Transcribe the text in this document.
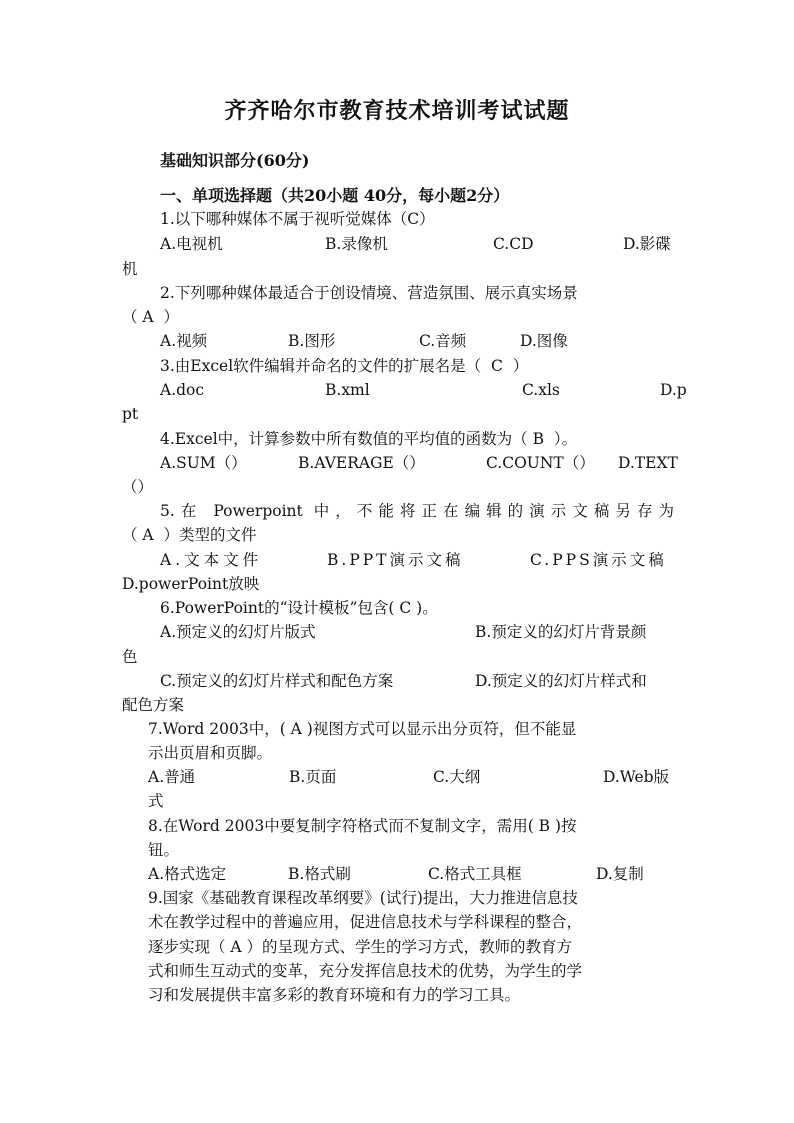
齐齐哈尔市教育技术培训考试试题
基础知识部分(60分)
一、单项选择题（共20小题 40分，每小题2分）
1.以下哪种媒体不属于视听觉媒体（C）
A.电视机	B.录像机	C.CD	D.影碟
机
2.下列哪种媒体最适合于创设情境、营造氛围、展示真实场景
（ A  ）
A.视频	B.图形	C.音频	D.图像
3.由Excel软件编辑并命名的文件的扩展名是（  C  ）
A.doc	B.xml	C.xls	D.p
pt
4.Excel中，计算参数中所有数值的平均值的函数为（ B  ）。
A.SUM（）	B.AVERAGE（）	C.COUNT（） D.TEXT
（）
5.在 Powerpoint 中，不能将正在编辑的演示文稿另存为
（ A  ）类型的文件
A.文本文件	B.PPT演示文稿	C.PPS演示文稿
D.powerPoint放映
6.PowerPoint的“设计模板”包含( C )。
A.预定义的幻灯片版式	B.预定义的幻灯片背景颜
色
C.预定义的幻灯片样式和配色方案	D.预定义的幻灯片样式和
配色方案
7.Word 2003中，( A )视图方式可以显示出分页符，但不能显
示出页眉和页脚。
A.普通	B.页面	C.大纲	D.Web版
式
8.在Word 2003中要复制字符格式而不复制文字，需用( B )按
钮。
A.格式选定	B.格式刷	C.格式工具框	D.复制
9.国家《基础教育课程改革纲要》(试行)提出，大力推进信息技
术在教学过程中的普遍应用，促进信息技术与学科课程的整合，
逐步实现（ A ）的呈现方式、学生的学习方式，教师的教育方
式和师生互动式的变革，充分发挥信息技术的优势，为学生的学
习和发展提供丰富多彩的教育环境和有力的学习工具。
